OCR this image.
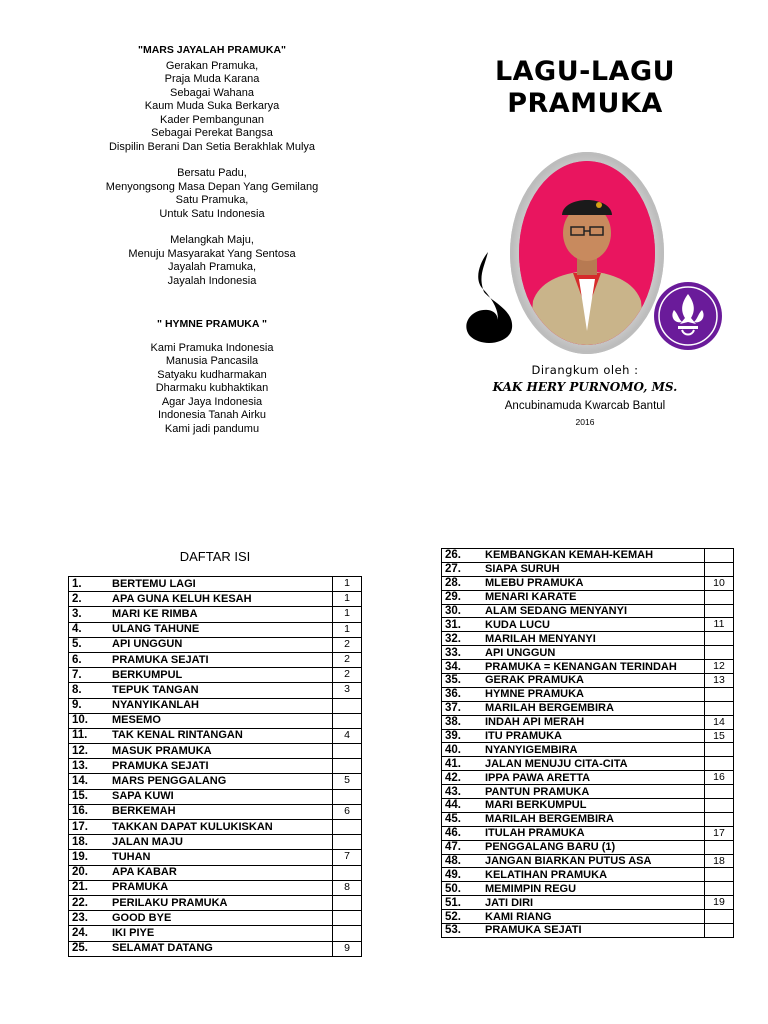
"MARS JAYALAH PRAMUKA"
Gerakan Pramuka,
Praja Muda Karana
Sebagai Wahana
Kaum Muda Suka Berkarya
Kader Pembangunan
Sebagai Perekat Bangsa
Dispilin Berani Dan Setia Berakhlak Mulya
Bersatu Padu,
Menyongsong Masa Depan Yang Gemilang
Satu Pramuka,
Untuk Satu Indonesia
Melangkah Maju,
Menuju Masyarakat Yang Sentosa
Jayalah Pramuka,
Jayalah Indonesia
" HYMNE PRAMUKA "
Kami Pramuka Indonesia
Manusia Pancasila
Satyaku kudharmakan
Dharmaku kubhaktikan
Agar Jaya Indonesia
Indonesia Tanah Airku
Kami jadi pandumu
LAGU-LAGU
PRAMUKA
Dirangkum oleh :
KAK HERY PURNOMO, MS.
Ancubinamuda Kwarcab Bantul
2016
DAFTAR ISI
1.	BERTEMU LAGI	1
2.	APA GUNA KELUH KESAH	1
3.	MARI KE RIMBA	1
4.	ULANG TAHUNE	1
5.	API UNGGUN	2
6.	PRAMUKA SEJATI	2
7.	BERKUMPUL	2
8.	TEPUK TANGAN	3
9.	NYANYIKANLAH	
10.	MESEMO	
11.	TAK KENAL RINTANGAN	4
12.	MASUK PRAMUKA	
13.	PRAMUKA SEJATI	
14.	MARS PENGGALANG	5
15.	SAPA KUWI	
16.	BERKEMAH	6
17.	TAKKAN DAPAT KULUKISKAN	
18.	JALAN MAJU	
19.	TUHAN	7
20.	APA KABAR	
21.	PRAMUKA	8
22.	PERILAKU PRAMUKA	
23.	GOOD BYE	
24.	IKI PIYE	
25.	SELAMAT DATANG	9
26.	KEMBANGKAN KEMAH-KEMAH	
27.	SIAPA SURUH	
28.	MLEBU PRAMUKA	10
29.	MENARI KARATE	
30.	ALAM SEDANG MENYANYI	
31.	KUDA LUCU	11
32.	MARILAH MENYANYI	
33.	API UNGGUN	
34.	PRAMUKA = KENANGAN TERINDAH	12
35.	GERAK PRAMUKA	13
36.	HYMNE PRAMUKA	
37.	MARILAH BERGEMBIRA	
38.	INDAH API MERAH	14
39.	ITU PRAMUKA	15
40.	NYANYIGEMBIRA	
41.	JALAN MENUJU CITA-CITA	
42.	IPPA PAWA ARETTA	16
43.	PANTUN PRAMUKA	
44.	MARI BERKUMPUL	
45.	MARILAH BERGEMBIRA	
46.	ITULAH PRAMUKA	17
47.	PENGGALANG BARU (1)	
48.	JANGAN BIARKAN PUTUS ASA	18
49.	KELATIHAN PRAMUKA	
50.	MEMIMPIN REGU	
51.	JATI DIRI	19
52.	KAMI RIANG	
53.	PRAMUKA SEJATI	
